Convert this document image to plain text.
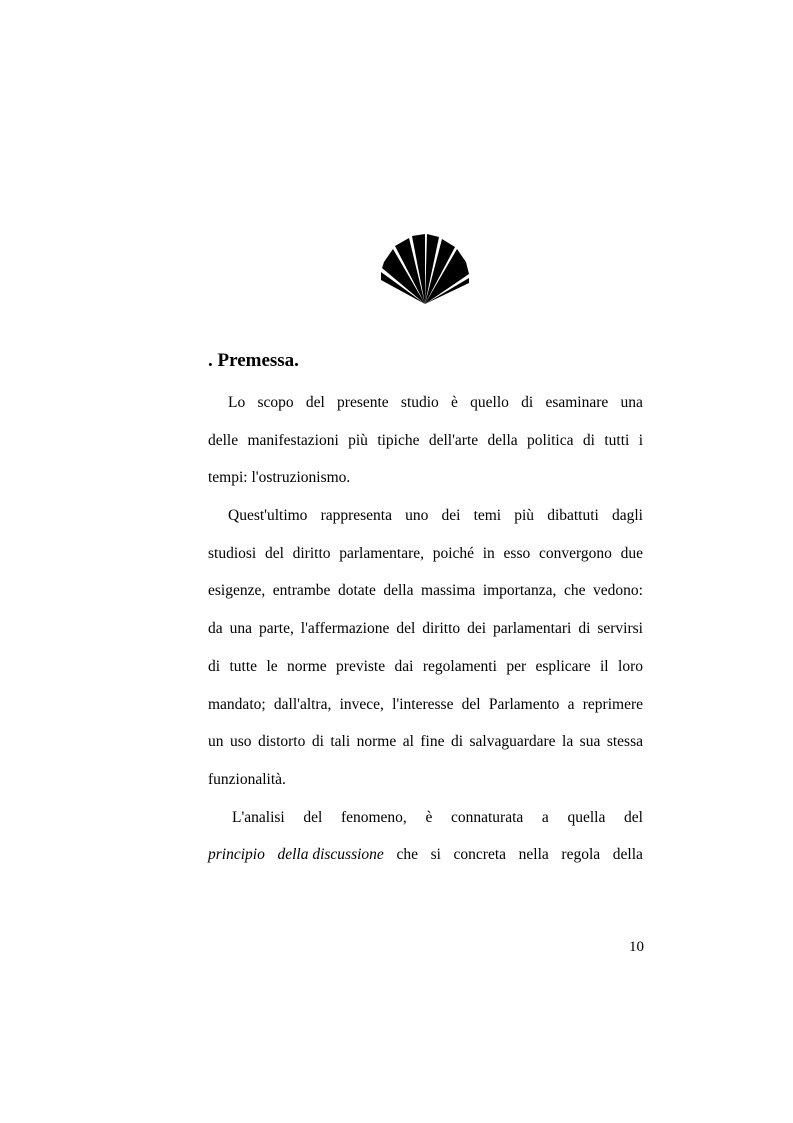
. Premessa.
Lo scopo del presente studio è quello di esaminare una
delle manifestazioni più tipiche dell'arte della politica di tutti i
tempi: l'ostruzionismo.
Quest'ultimo rappresenta uno dei temi più dibattuti dagli
studiosi del diritto parlamentare, poiché in esso convergono due
esigenze, entrambe dotate della massima importanza, che vedono:
da una parte, l'affermazione del diritto dei parlamentari di servirsi
di tutte le norme previste dai regolamenti per esplicare il loro
mandato; dall'altra, invece, l'interesse del Parlamento a reprimere
un uso distorto di tali norme al fine di salvaguardare la sua stessa
funzionalità.
L'analisi del fenomeno, è connaturata a quella del
principio della discussione che si concreta nella regola della
10
